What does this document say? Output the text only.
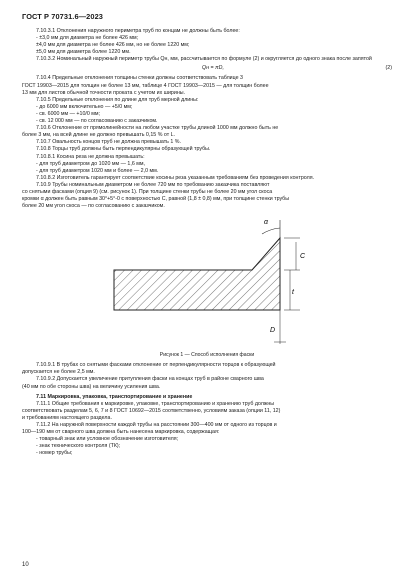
ГОСТ Р 70731.6—2023

7.10.3.1 Отклонения наружного периметра труб по концам не должны быть более:

- ±3,0 мм для диаметра не более 426 мм;

±4,0 мм для диаметра не более 426 мм, но не более 1220 мм;

±5,0 мм для диаметра более 1220 мм.

7.10.3.2 Номинальный наружный периметр трубы Qн, мм, рассчитывается по формуле (2) и округляется до одного знака после запятой

Qн = πD,	(2)

7.10.4 Предельные отклонения толщины стенки должны соответствовать таблице 3

ГОСТ 19903—2015 для толщин не более 13 мм, таблице 4 ГОСТ 19903—2015 — для толщин более

13 мм для листов обычной точности проката с учетом их ширины.

7.10.5 Предельные отклонения по длине для труб мерной длины:

- до 6000 мм включительно — +5/0 мм;

- св. 6000 мм — +10/0 мм;

- св. 12 000 мм — по согласованию с заказчиком.

7.10.6 Отклонение от прямолинейности на любом участке трубы длиной 1000 мм должно быть не

более 3 мм, на всей длине не должно превышать 0,15 % от L.

7.10.7 Овальность концов труб не должна превышать 1 %.

7.10.8 Торцы труб должны быть перпендикулярны образующей трубы.

7.10.8.1 Косина реза не должна превышать:

- для труб диаметром до 1020 мм — 1,6 мм,

- для труб диаметром 1020 мм и более — 2,0 мм.

7.10.8.2 Изготовитель гарантирует соответствие косины реза указанным требованиям без проведения контроля.

7.10.9 Трубы номинальным диаметром не более 720 мм по требованию заказчика поставляют

со снятыми фасками (опция 9) (см. рисунок 1). При толщине стенки трубы не более 20 мм угол скоса

кромки α должен быть равным 30°+5°-0 с поверхностью C, равной (1,8 ± 0,8) мм, при толщине стенки трубы

более 20 мм угол скоса — по согласованию с заказчиком.

α
C
t
D
Рисунок 1 — Способ исполнения фаски

7.10.9.1 В трубах со снятыми фасками отклонение от перпендикулярности торцов к образующей

допускается не более 2,5 мм.

7.10.9.2 Допускается увеличение притупления фаски на концах труб в районе сварного шва

(40 мм по обе стороны шва) на величину усиления шва.

7.11 Маркировка, упаковка, транспортирование и хранение

7.11.1 Общие требования к маркировке, упаковке, транспортированию и хранению труб должны

соответствовать разделам 5, 6, 7 и 8 ГОСТ 10692—2015 соответственно, условиям заказа (опции 11, 12)

и требованиям настоящего раздела.

7.11.2 На наружной поверхности каждой трубы на расстоянии 300—400 мм от одного из торцов и

100—190 мм от сварного шва должна быть нанесена маркировка, содержащая:

- товарный знак или условное обозначение изготовителя;

- знак технического контроля (ТК);

- номер трубы;

10
